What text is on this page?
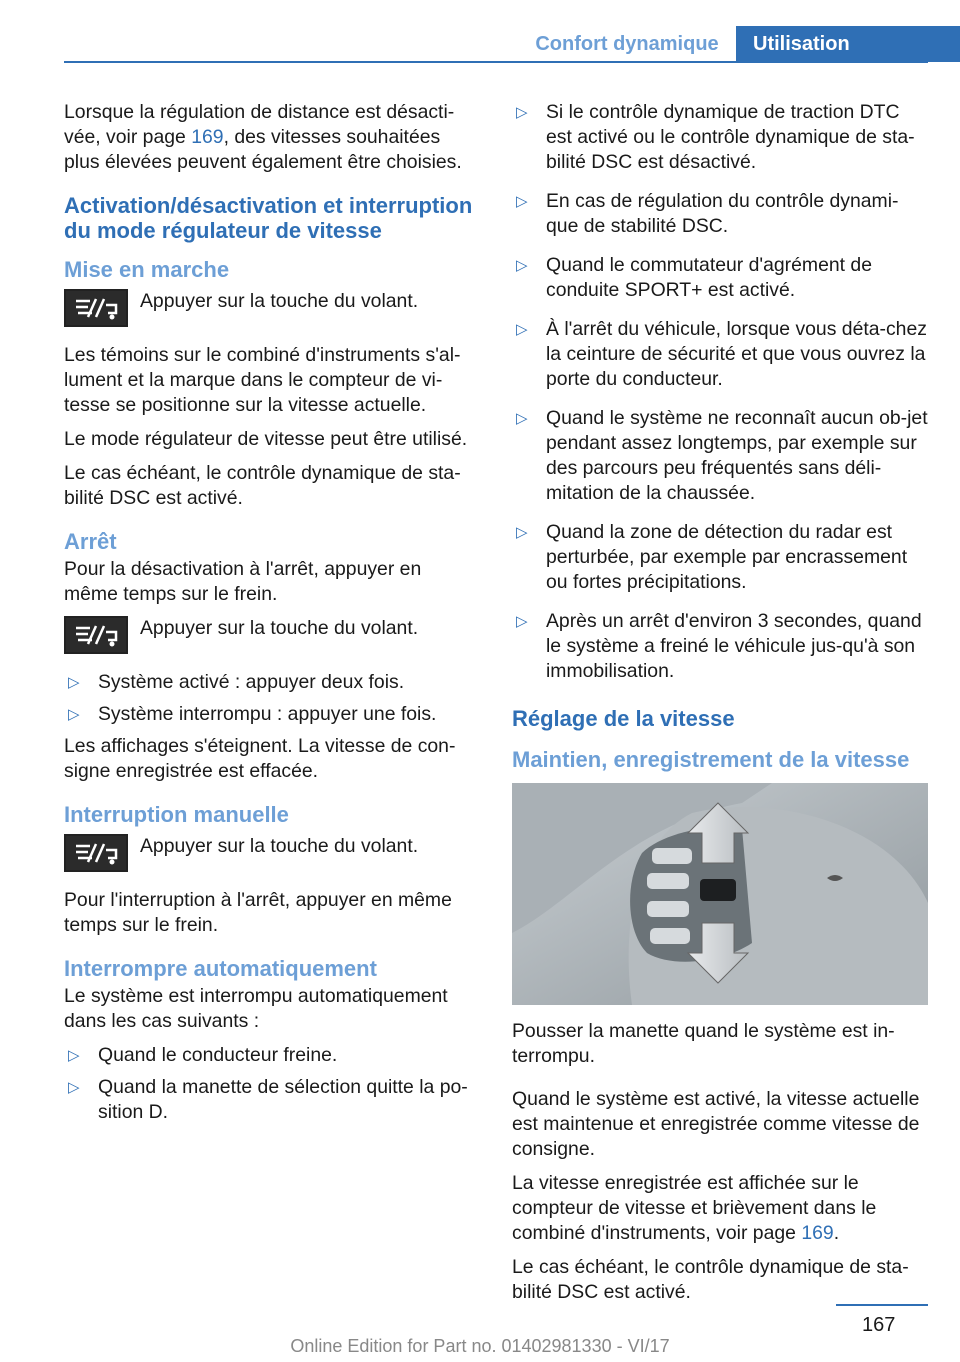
Confort dynamique	Utilisation

Lorsque la régulation de distance est désacti-vée, voir page 169, des vitesses souhaitées plus élevées peuvent également être choisies.

Activation/désactivation et interruption du mode régulateur de vitesse
Mise en marche
Appuyer sur la touche du volant.

Les témoins sur le combiné d'instruments s'al-lument et la marque dans le compteur de vi-tesse se positionne sur la vitesse actuelle.

Le mode régulateur de vitesse peut être utilisé.

Le cas échéant, le contrôle dynamique de sta-bilité DSC est activé.

Arrêt

Pour la désactivation à l'arrêt, appuyer en même temps sur le frein.

Appuyer sur la touche du volant.
▷ Système activé : appuyer deux fois.
▷ Système interrompu : appuyer une fois.

Les affichages s'éteignent. La vitesse de con-signe enregistrée est effacée.

Interruption manuelle
Appuyer sur la touche du volant.

Pour l'interruption à l'arrêt, appuyer en même temps sur le frein.

Interrompre automatiquement

Le système est interrompu automatiquement dans les cas suivants :

▷ Quand le conducteur freine.
▷ Quand la manette de sélection quitte la po-sition D.
▷ Si le contrôle dynamique de traction DTC est activé ou le contrôle dynamique de sta-bilité DSC est désactivé.
▷ En cas de régulation du contrôle dynami-que de stabilité DSC.
▷ Quand le commutateur d'agrément de conduite SPORT+ est activé.
▷ À l'arrêt du véhicule, lorsque vous déta-chez la ceinture de sécurité et que vous ouvrez la porte du conducteur.
▷ Quand le système ne reconnaît aucun ob-jet pendant assez longtemps, par exemple sur des parcours peu fréquentés sans déli-mitation de la chaussée.
▷ Quand la zone de détection du radar est perturbée, par exemple par encrassement ou fortes précipitations.
▷ Après un arrêt d'environ 3 secondes, quand le système a freiné le véhicule jus-qu'à son immobilisation.
Réglage de la vitesse
Maintien, enregistrement de la vitesse

Pousser la manette quand le système est in-terrompu.

Quand le système est activé, la vitesse actuelle est maintenue et enregistrée comme vitesse de consigne.

La vitesse enregistrée est affichée sur le compteur de vitesse et brièvement dans le combiné d'instruments, voir page 169.

Le cas échéant, le contrôle dynamique de sta-bilité DSC est activé.

167
Online Edition for Part no. 01402981330 - VI/17
